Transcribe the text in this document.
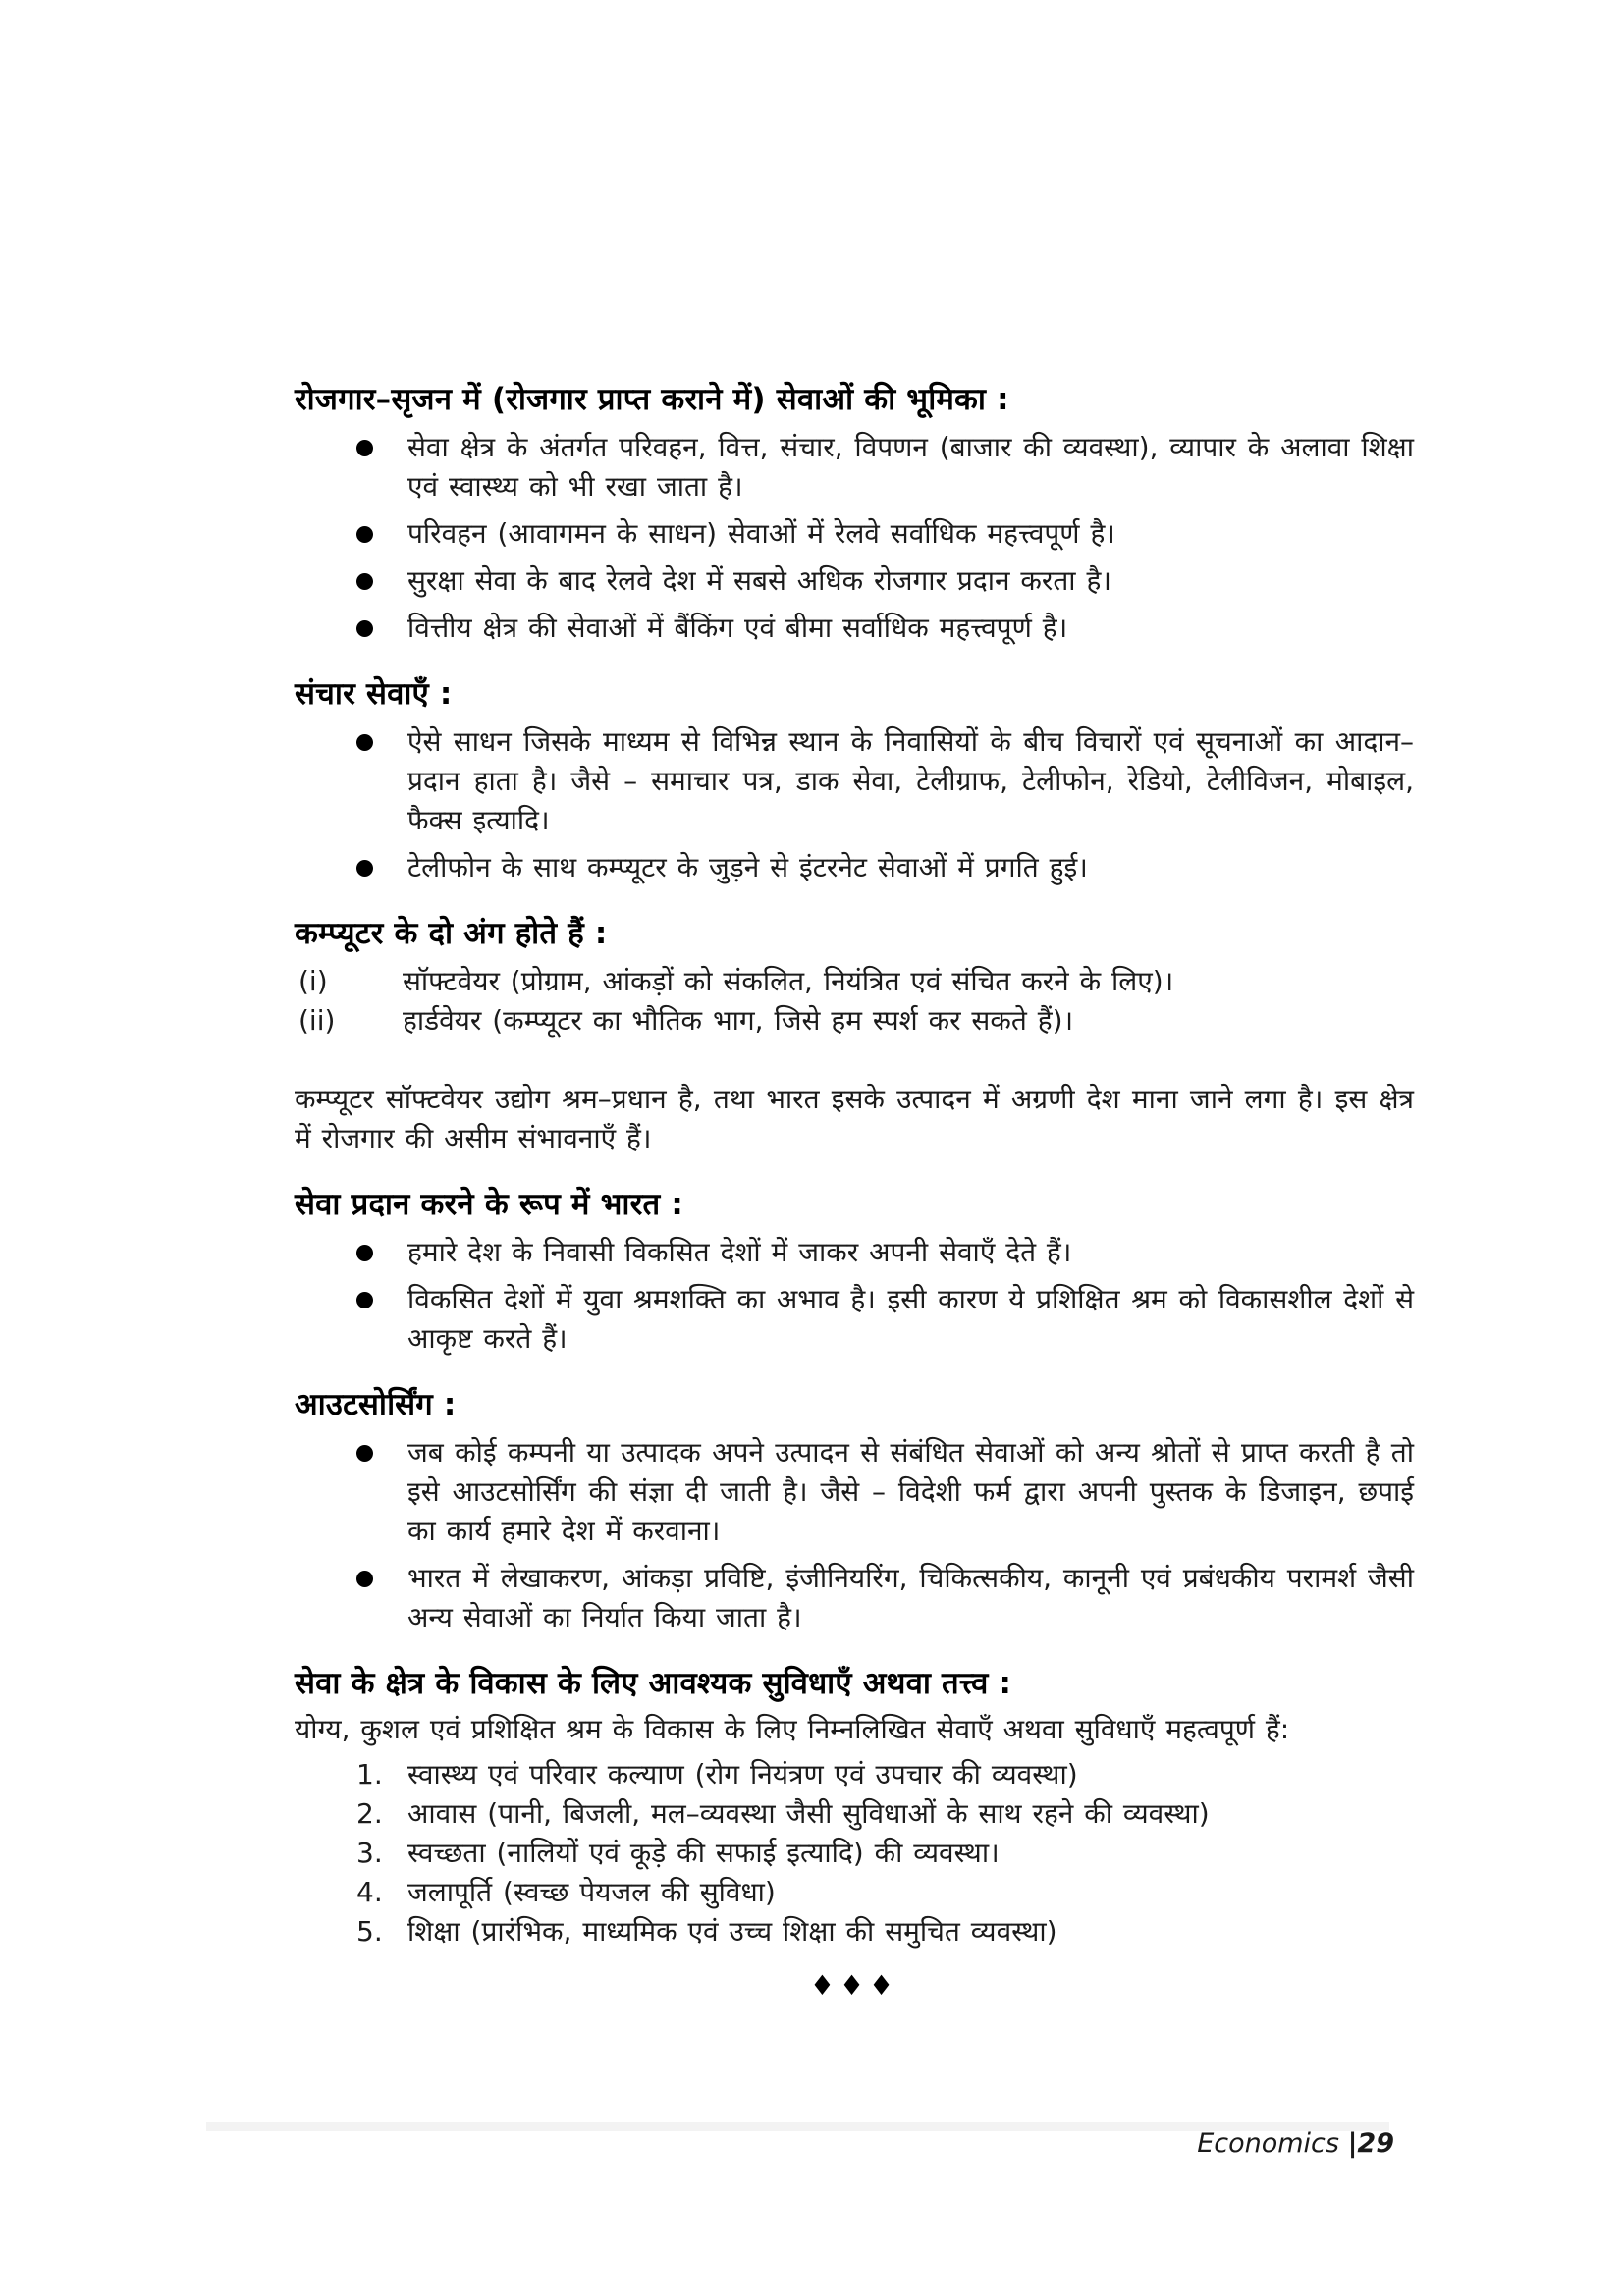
रोजगार–सृजन में (रोजगार प्राप्त कराने में) सेवाओं की भूमिका :
सेवा क्षेत्र के अंतर्गत परिवहन, वित्त, संचार, विपणन (बाजार की व्यवस्था), व्यापार के अलावा शिक्षा एवं स्वास्थ्य को भी रखा जाता है।
परिवहन (आवागमन के साधन) सेवाओं में रेलवे सर्वाधिक महत्त्वपूर्ण है।
सुरक्षा सेवा के बाद रेलवे देश में सबसे अधिक रोजगार प्रदान करता है।
वित्तीय क्षेत्र की सेवाओं में बैंकिंग एवं बीमा सर्वाधिक महत्त्वपूर्ण है।
संचार सेवाएँ :
ऐसे साधन जिसके माध्यम से विभिन्न स्थान के निवासियों के बीच विचारों एवं सूचनाओं का आदान–प्रदान हाता है। जैसे – समाचार पत्र, डाक सेवा, टेलीग्राफ, टेलीफोन, रेडियो, टेलीविजन, मोबाइल, फैक्स इत्यादि।
टेलीफोन के साथ कम्प्यूटर के जुड़ने से इंटरनेट सेवाओं में प्रगति हुई।
कम्प्यूटर के दो अंग होते हैं :
(i)	सॉफ्टवेयर (प्रोग्राम, आंकड़ों को संकलित, नियंत्रित एवं संचित करने के लिए)।
(ii) हार्डवेयर (कम्प्यूटर का भौतिक भाग, जिसे हम स्पर्श कर सकते हैं)।
कम्प्यूटर सॉफ्टवेयर उद्योग श्रम–प्रधान है, तथा भारत इसके उत्पादन में अग्रणी देश माना जाने लगा है। इस क्षेत्र में रोजगार की असीम संभावनाएँ हैं।
सेवा प्रदान करने के रूप में भारत :
हमारे देश के निवासी विकसित देशों में जाकर अपनी सेवाएँ देते हैं।
विकसित देशों में युवा श्रमशक्ति का अभाव है। इसी कारण ये प्रशिक्षित श्रम को विकासशील देशों से आकृष्ट करते हैं।
आउटसोर्सिंग :
जब कोई कम्पनी या उत्पादक अपने उत्पादन से संबंधित सेवाओं को अन्य श्रोतों से प्राप्त करती है तो इसे आउटसोर्सिंग की संज्ञा दी जाती है। जैसे – विदेशी फर्म द्वारा अपनी पुस्तक के डिजाइन, छपाई का कार्य हमारे देश में करवाना।
भारत में लेखाकरण, आंकड़ा प्रविष्टि, इंजीनियरिंग, चिकित्सकीय, कानूनी एवं प्रबंधकीय परामर्श जैसी अन्य सेवाओं का निर्यात किया जाता है।
सेवा के क्षेत्र के विकास के लिए आवश्यक सुविधाएँ अथवा तत्त्व :
योग्य, कुशल एवं प्रशिक्षित श्रम के विकास के लिए निम्नलिखित सेवाएँ अथवा सुविधाएँ महत्वपूर्ण हैं:
1. स्वास्थ्य एवं परिवार कल्याण (रोग नियंत्रण एवं उपचार की व्यवस्था)
2. आवास (पानी, बिजली, मल–व्यवस्था जैसी सुविधाओं के साथ रहने की व्यवस्था)
3. स्वच्छता (नालियों एवं कूड़े की सफाई इत्यादि) की व्यवस्था।
4. जलापूर्ति (स्वच्छ पेयजल की सुविधा)
5. शिक्षा (प्रारंभिक, माध्यमिक एवं उच्च शिक्षा की समुचित व्यवस्था)
♦♦♦
Economics |29
